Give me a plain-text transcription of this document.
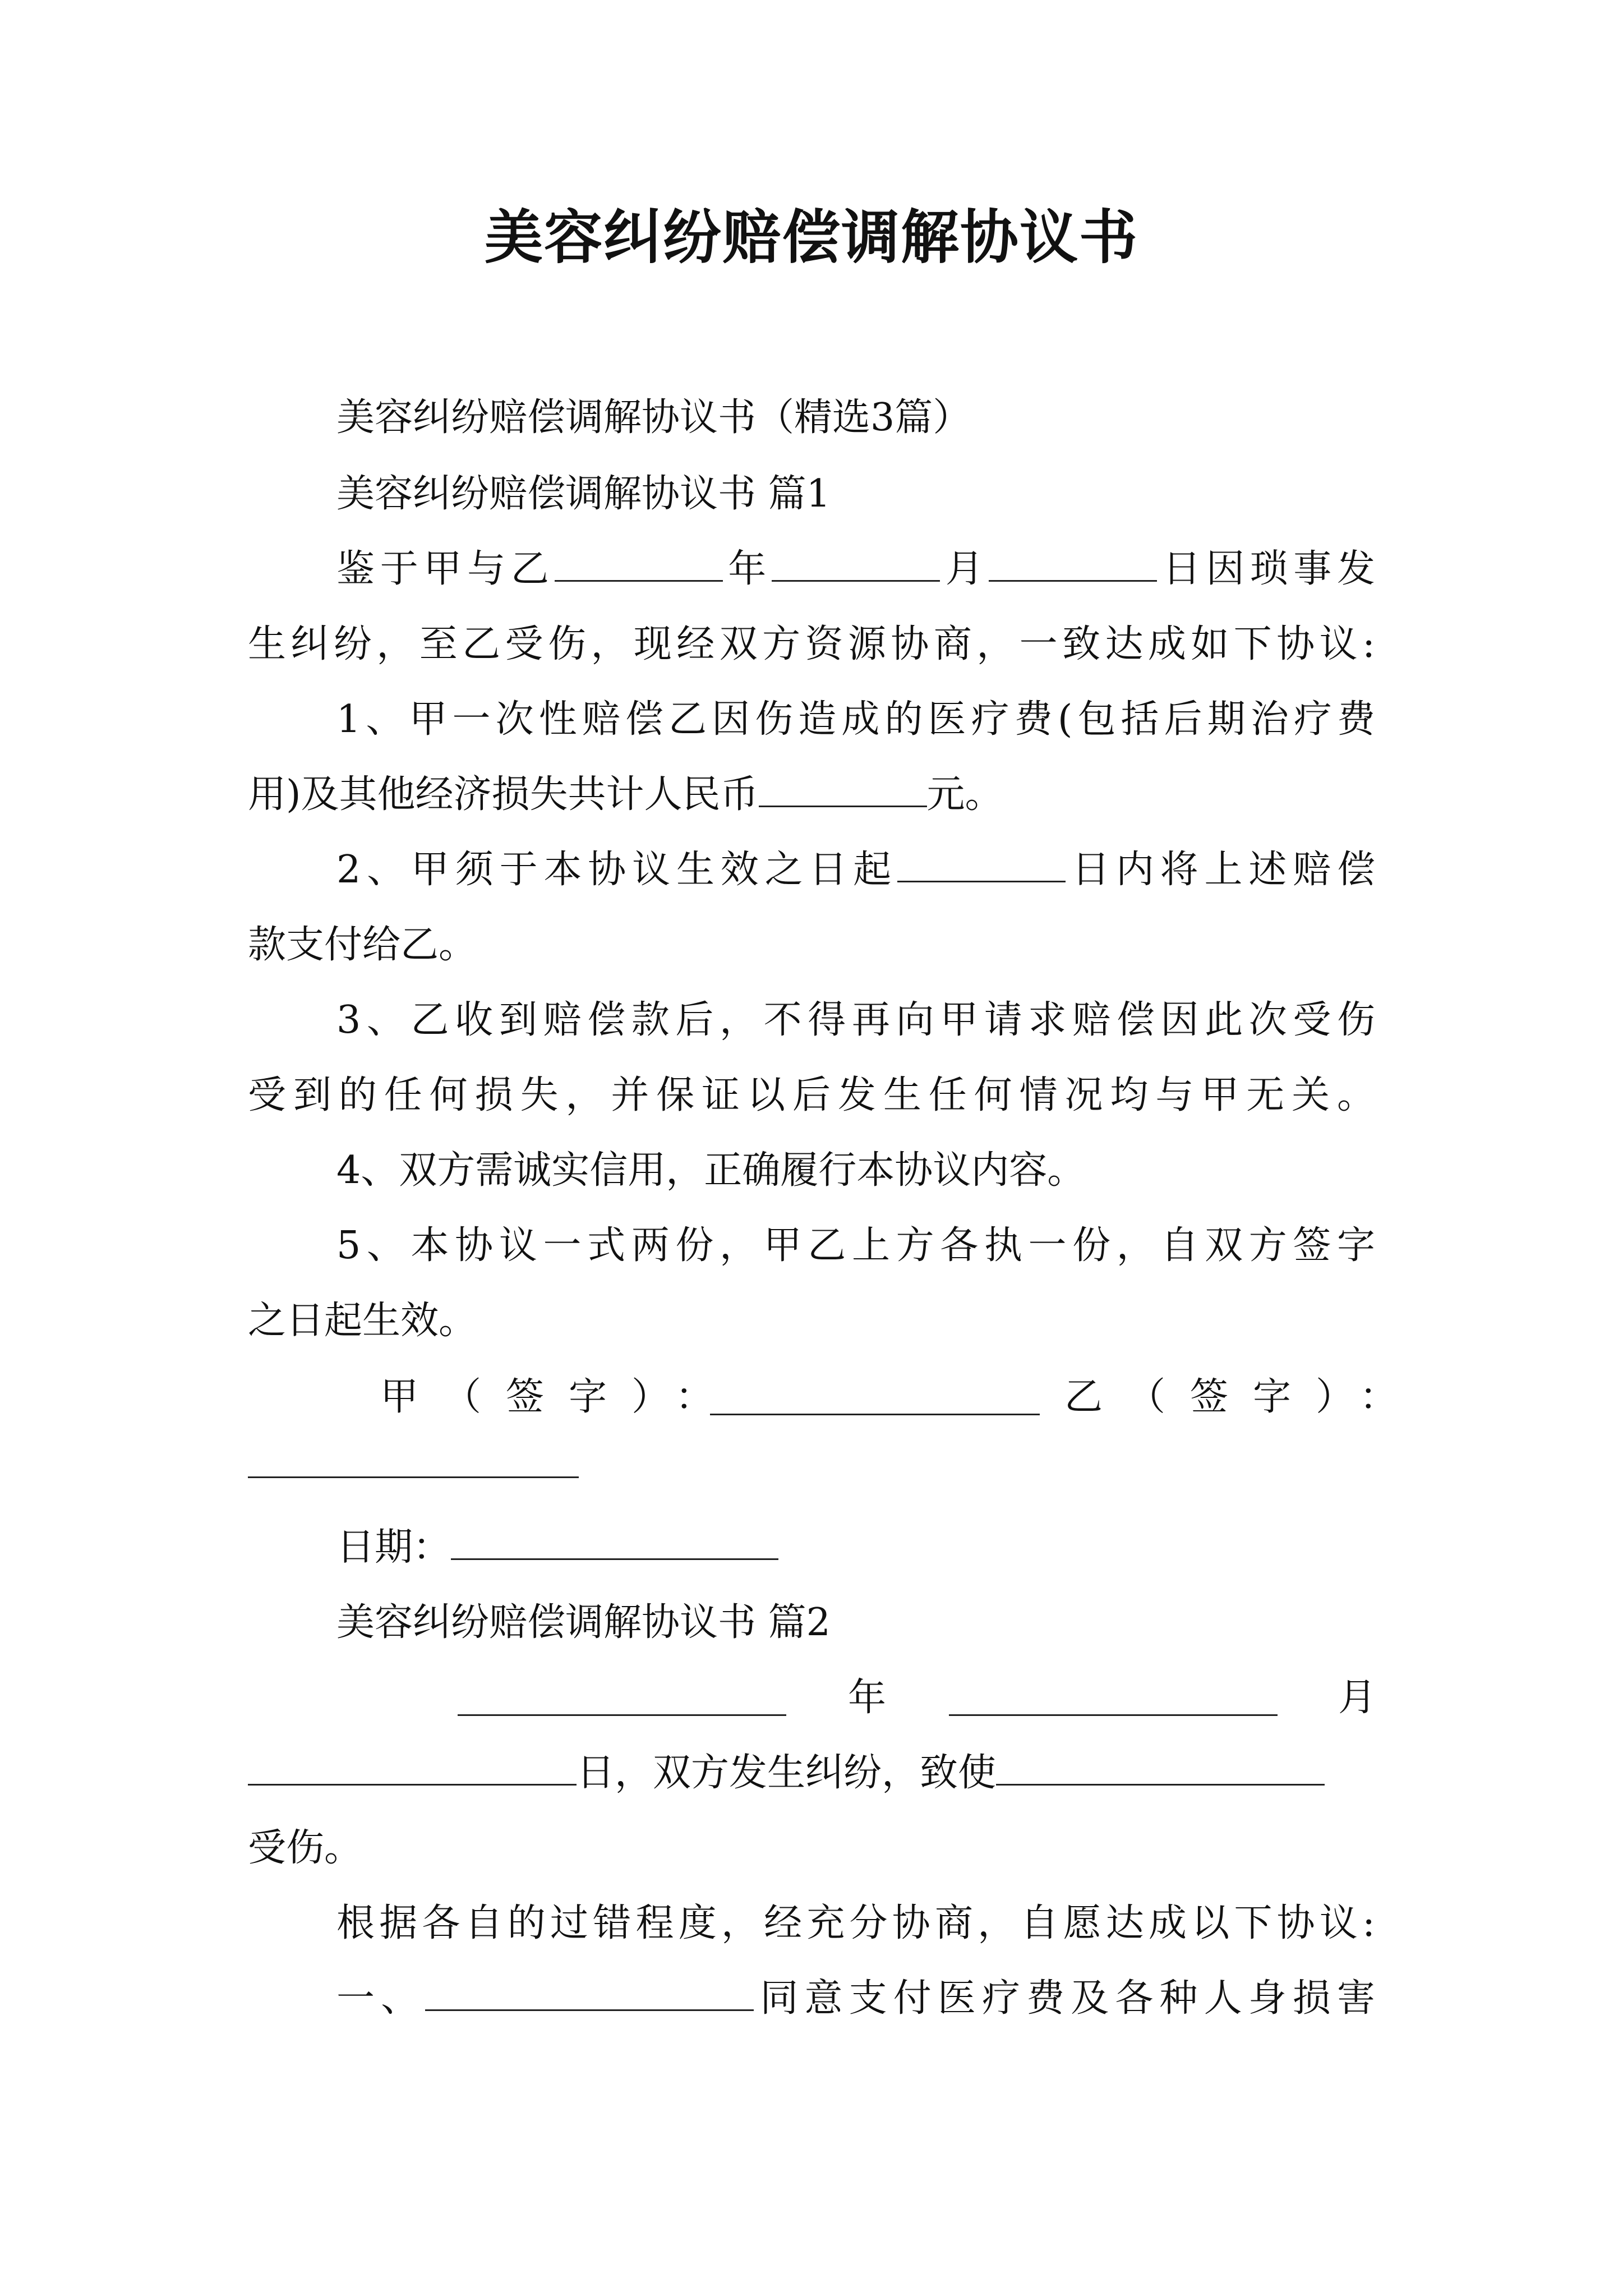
美容纠纷赔偿调解协议书
美容纠纷赔偿调解协议书（精选3篇）
美容纠纷赔偿调解协议书 篇1
鉴于甲与乙	年	月	日因琐事发
生纠纷，至乙受伤，现经双方资源协商，一致达成如下协议:
1、甲一次性赔偿乙因伤造成的医疗费(包括后期治疗费
用)及其他经济损失共计人民币	元。
2、甲须于本协议生效之日起	日内将上述赔偿
款支付给乙。
3、乙收到赔偿款后，不得再向甲请求赔偿因此次受伤
受到的任何损失，并保证以后发生任何情况均与甲无关。
4、双方需诚实信用，正确履行本协议内容。
5、本协议一式两份，甲乙上方各执一份，自双方签字
之日起生效。
甲（签字）：	乙（签字）：
日期：
美容纠纷赔偿调解协议书 篇2
年	月
日，双方发生纠纷，致使
受伤。
根据各自的过错程度，经充分协商，自愿达成以下协议:
一、	同意支付医疗费及各种人身损害
